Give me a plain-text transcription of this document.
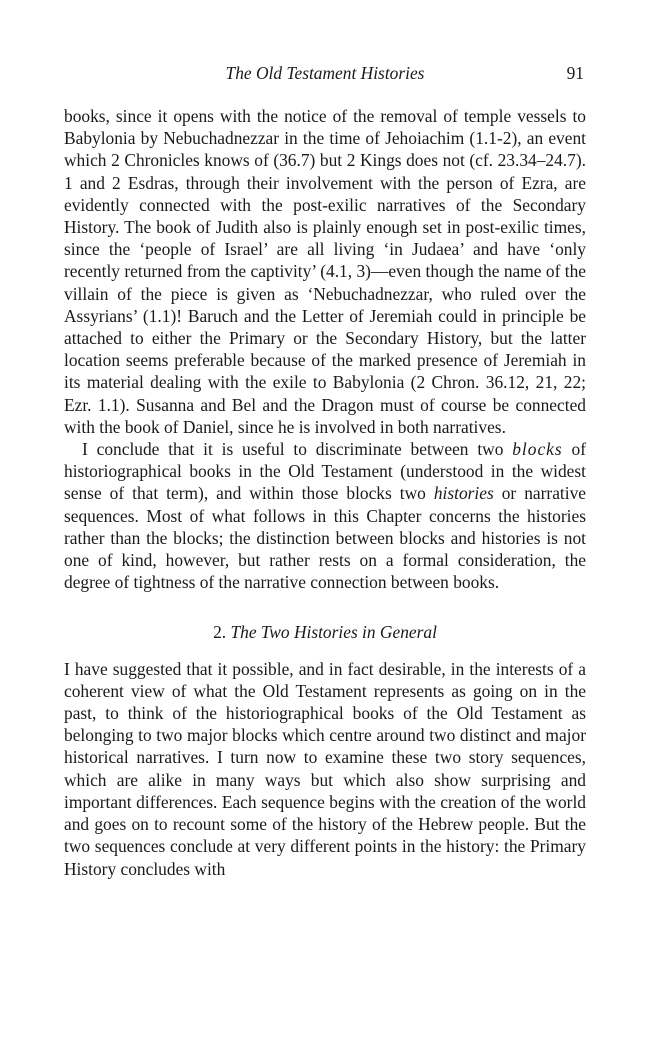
The Old Testament Histories	91

books, since it opens with the notice of the removal of temple vessels to Babylonia by Nebuchadnezzar in the time of Jehoiachim (1.1-2), an event which 2 Chronicles knows of (36.7) but 2 Kings does not (cf. 23.34–24.7). 1 and 2 Esdras, through their involvement with the person of Ezra, are evidently connected with the post-exilic narratives of the Secondary History. The book of Judith also is plainly enough set in post-exilic times, since the ‘people of Israel’ are all living ‘in Judaea’ and have ‘only recently returned from the captivity’ (4.1, 3)—even though the name of the villain of the piece is given as ‘Nebuchadnezzar, who ruled over the Assyrians’ (1.1)! Baruch and the Letter of Jeremiah could in principle be attached to either the Primary or the Secondary History, but the latter location seems preferable because of the marked presence of Jeremiah in its material dealing with the exile to Babylonia (2 Chron. 36.12, 21, 22; Ezr. 1.1). Susanna and Bel and the Dragon must of course be connected with the book of Daniel, since he is involved in both narratives.

I conclude that it is useful to discriminate between two blocks of historiographical books in the Old Testament (understood in the widest sense of that term), and within those blocks two histories or narrative sequences. Most of what follows in this Chapter concerns the histories rather than the blocks; the distinction between blocks and histories is not one of kind, however, but rather rests on a formal consideration, the degree of tightness of the narrative connection between books.

2. The Two Histories in General

I have suggested that it possible, and in fact desirable, in the interests of a coherent view of what the Old Testament represents as going on in the past, to think of the historiographical books of the Old Testament as belonging to two major blocks which centre around two distinct and major historical narratives. I turn now to examine these two story sequences, which are alike in many ways but which also show surprising and important differences. Each sequence begins with the creation of the world and goes on to recount some of the history of the Hebrew people. But the two sequences conclude at very different points in the history: the Primary History concludes with
